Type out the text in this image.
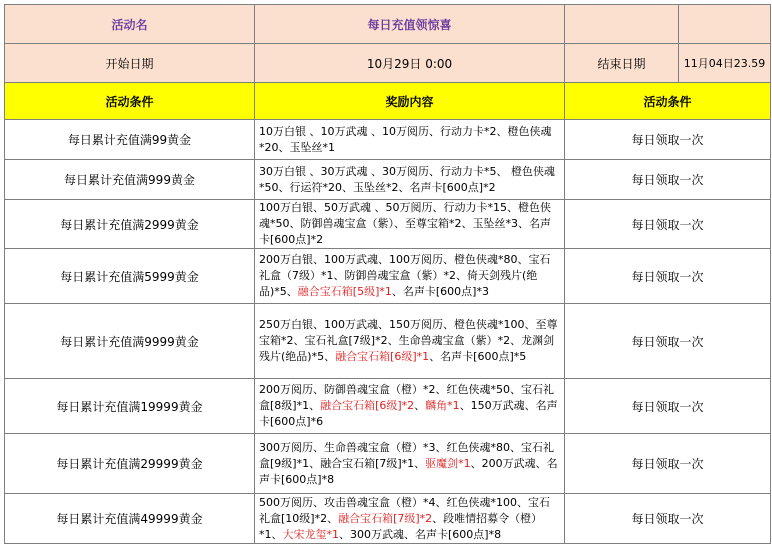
活动名	每日充值领惊喜		
开始日期	10月29日 0:00	结束日期	11月04日23.59
活动条件	奖励内容	活动条件	
每日累计充值满99黄金	10万白银 、10万武魂 、10万阅历、行动力卡*2、橙色侠魂*20、玉坠丝*1	每日领取一次	
每日累计充值满999黄金	30万白银 、30万武魂 、30万阅历、行动力卡*5、 橙色侠魂*50、行运符*20、玉坠丝*2、名声卡[600点]*2	每日领取一次	
每日累计充值满2999黄金	100万白银、50万武魂 、50万阅历、行动力卡*15、橙色侠魂*50、防御兽魂宝盒（紫）、至尊宝箱*2、玉坠丝*3、名声卡[600点]*2	每日领取一次	
每日累计充值满5999黄金	200万白银、100万武魂、100万阅历、橙色侠魂*80、宝石礼盒（7级）*1、防御兽魂宝盒（紫）*2、倚天剑残片(绝品)*5、融合宝石箱[5级]*1、名声卡[600点]*3	每日领取一次	
每日累计充值满9999黄金	250万白银、100万武魂、150万阅历、橙色侠魂*100、至尊宝箱*2、宝石礼盒[7级]*2、生命兽魂宝盒（紫）*2、龙渊剑残片(绝品)*5、融合宝石箱[6级]*1、名声卡[600点]*5	每日领取一次	
每日累计充值满19999黄金	200万阅历、防御兽魂宝盒（橙）*2、红色侠魂*50、宝石礼盒[8级]*1、融合宝石箱[6级]*2、麟角*1、150万武魂、名声卡[600点]*6	每日领取一次	
每日累计充值满29999黄金	300万阅历、生命兽魂宝盒（橙）*3、红色侠魂*80、宝石礼盒[9级]*1、融合宝石箱[7级]*1、驱魔剑*1、200万武魂、名声卡[600点]*8	每日领取一次	
每日累计充值满49999黄金	500万阅历、攻击兽魂宝盒（橙）*4、红色侠魂*100、宝石礼盒[10级]*2、融合宝石箱[7级]*2、段唯情招募令（橙）*1、大宋龙玺*1、300万武魂、名声卡[600点]*8	每日领取一次	
